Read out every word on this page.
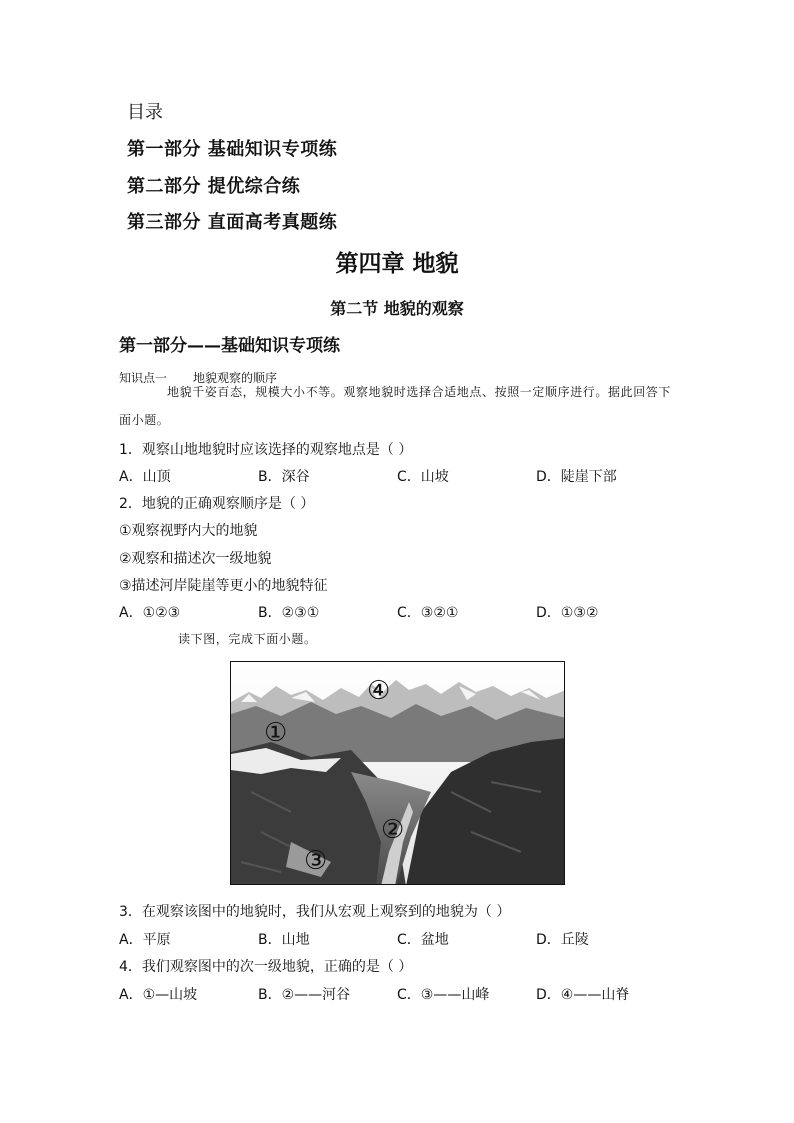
目录
第一部分 基础知识专项练
第二部分 提优综合练
第三部分 直面高考真题练
第四章 地貌
第二节 地貌的观察
第一部分——基础知识专项练
知识点一 地貌观察的顺序
地貌千姿百态，规模大小不等。观察地貌时选择合适地点、按照一定顺序进行。据此回答下面小题。
1．观察山地地貌时应该选择的观察地点是（ ）
A．山顶	B．深谷	C．山坡	D．陡崖下部
2．地貌的正确观察顺序是（ ）
①观察视野内大的地貌
②观察和描述次一级地貌
③描述河岸陡崖等更小的地貌特征
A．①②③	B．②③①	C．③②①	D．①③②
读下图，完成下面小题。
④
①
②
③
3．在观察该图中的地貌时，我们从宏观上观察到的地貌为（ ）
A．平原	B．山地	C．盆地	D．丘陵
4．我们观察图中的次一级地貌，正确的是（ ）
A．①—山坡	B．②——河谷	C．③——山峰	D．④——山脊
